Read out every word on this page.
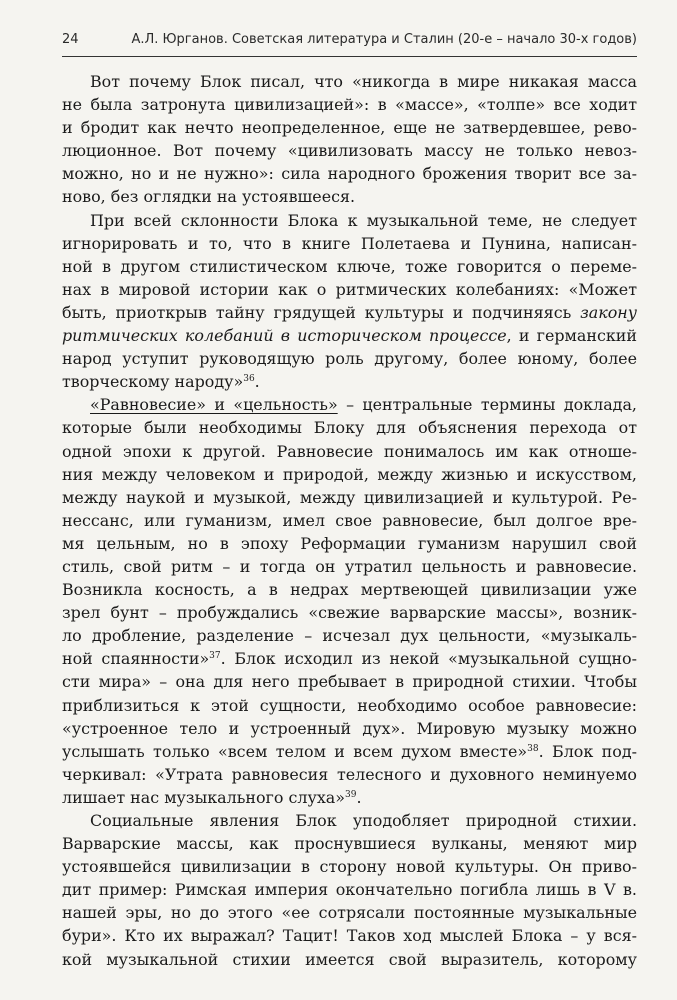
24	А.Л. Юрганов. Советская литература и Сталин (20-е – начало 30-х годов)
Вот почему Блок писал, что «никогда в мире никакая масса
не была затронута цивилизацией»: в «массе», «толпе» все ходит
и бродит как нечто неопределенное, еще не затвердевшее, рево-
люционное. Вот почему «цивилизовать массу не только невоз-
можно, но и не нужно»: сила народного брожения творит все за-
ново, без оглядки на устоявшееся.
При всей склонности Блока к музыкальной теме, не следует
игнорировать и то, что в книге Полетаева и Пунина, написан-
ной в другом стилистическом ключе, тоже говорится о переме-
нах в мировой истории как о ритмических колебаниях: «Может
быть, приоткрыв тайну грядущей культуры и подчиняясь закону
ритмических колебаний в историческом процессе, и германский
народ уступит руководящую роль другому, более юному, более
творческому народу»$^{36}$.
«Равновесие» и «цельность» – центральные термины доклада,
которые были необходимы Блоку для объяснения перехода от
одной эпохи к другой. Равновесие понималось им как отноше-
ния между человеком и природой, между жизнью и искусством,
между наукой и музыкой, между цивилизацией и культурой. Ре-
нессанс, или гуманизм, имел свое равновесие, был долгое вре-
мя цельным, но в эпоху Реформации гуманизм нарушил свой
стиль, свой ритм – и тогда он утратил цельность и равновесие.
Возникла косность, а в недрах мертвеющей цивилизации уже
зрел бунт – пробуждались «свежие варварские массы», возник-
ло дробление, разделение – исчезал дух цельности, «музыкаль-
ной спаянности»$^{37}$. Блок исходил из некой «музыкальной сущно-
сти мира» – она для него пребывает в природной стихии. Чтобы
приблизиться к этой сущности, необходимо особое равновесие:
«устроенное тело и устроенный дух». Мировую музыку можно
услышать только «всем телом и всем духом вместе»$^{38}$. Блок под-
черкивал: «Утрата равновесия телесного и духовного неминуемо
лишает нас музыкального слуха»$^{39}$.
Социальные явления Блок уподобляет природной стихии.
Варварские массы, как проснувшиеся вулканы, меняют мир
устоявшейся цивилизации в сторону новой культуры. Он приво-
дит пример: Римская империя окончательно погибла лишь в V в.
нашей эры, но до этого «ее сотрясали постоянные музыкальные
бури». Кто их выражал? Тацит! Таков ход мыслей Блока – у вся-
кой музыкальной стихии имеется свой выразитель, которому
